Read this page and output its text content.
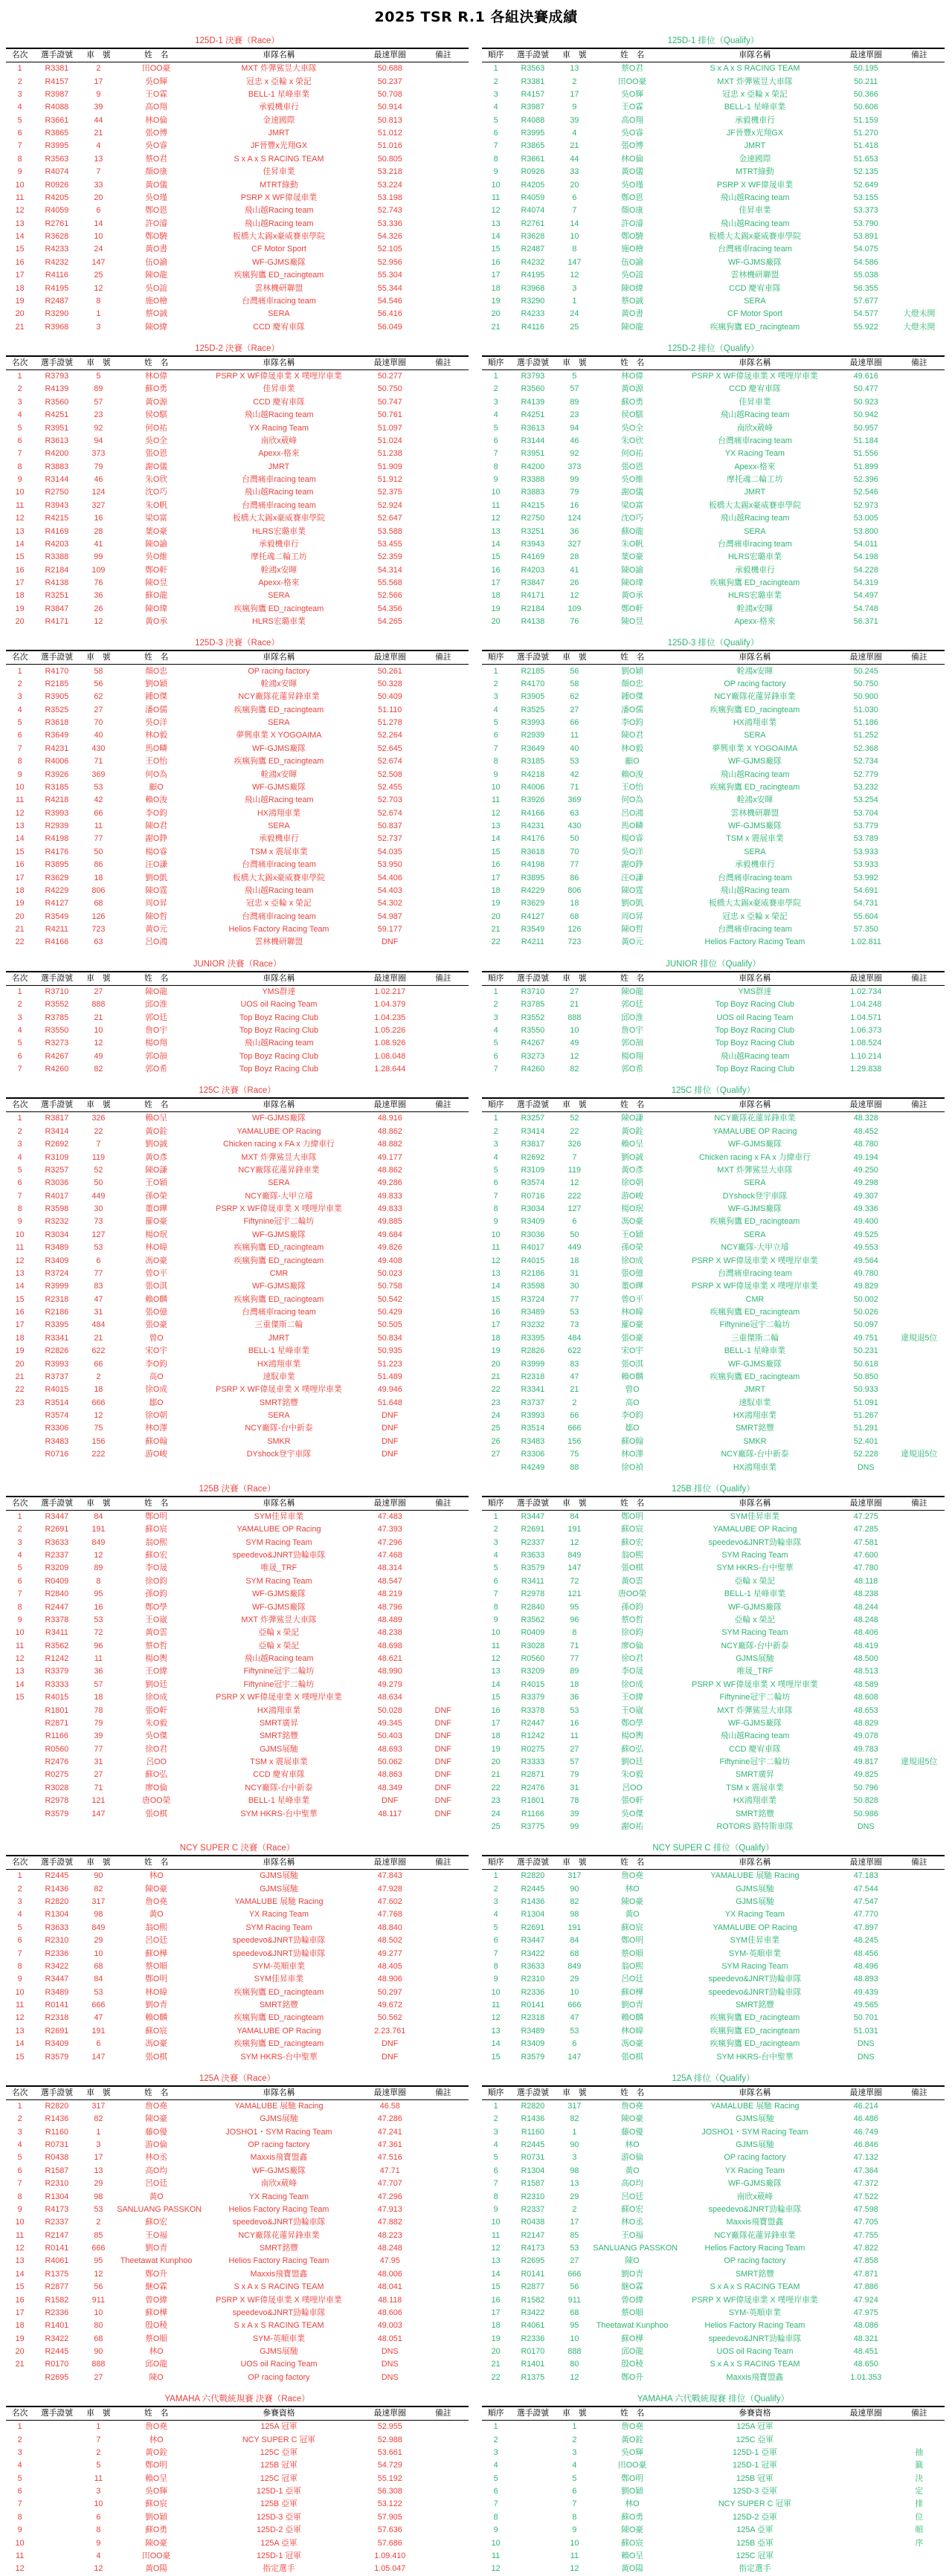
2025 TSR R.1 各組決賽成績
125D-1 決賽（Race）
名次	選手證號	車　號	姓　名	車隊名稱	最速單圈	備註
1	R3381	2	田OO豪	MXT 炸彈鯊昱大車隊	50.688	
2	R4157	17	吳O輝	冠忠 x 亞輪 x 榮記	50.237	
3	R3987	9	王O霖	BELL-1 星峰車業	50.708	
4	R4088	39	高O翔	承毅機車行	50.914	
5	R3661	44	林O倫	金速國際	50.813	
6	R3865	21	張O博	JMRT	51.012	
7	R3995	4	吳O睿	JF晉豐x光翔GX	51.016	
8	R3563	13	蔡O君	S x A x S RACING TEAM	50.805	
9	R4074	7	顏O康	佳昇車業	53.218	
10	R0926	33	黃O儀	MTRT綠動	53.224	
11	R4205	20	吳O瑾	PSRP X WF偉晟車業	53.198	
12	R4059	6	鄭O恩	飛山越Racing team	52.743	
13	R2761	14	許O濬	飛山越Racing team	53.336	
14	R3628	10	鄭O驍	板橋大太錫x豪威賽車學院	54.326	
15	R4233	24	黃O書	CF Motor Sport	52.105	
16	R4232	147	伍O諭	WF-GJMS廠隊	52.956	
17	R4116	25	陳O龍	疾瘋狗鷹 ED_racingteam	55.304	
18	R4195	12	吳O誼	雲林機研聯盟	55.344	
19	R2487	8	施O檜	台灣痛車racing team	54.546	
20	R3290	1	蔡O誠	SERA	56.416	
21	R3968	3	陳O緯	CCD 慶宥車隊	56.049	
125D-1 排位（Qualify）
順序	選手證號	車　號	姓　名	車隊名稱	最速單圈	備註
1	R3563	13	蔡O君	S x A x S RACING TEAM	50.195	
2	R3381	2	田OO豪	MXT 炸彈鯊昱大車隊	50.211	
3	R4157	17	吳O輝	冠忠 x 亞輪 x 榮記	50.366	
4	R3987	9	王O霖	BELL-1 星峰車業	50.606	
5	R4088	39	高O翔	承毅機車行	51.159	
6	R3995	4	吳O睿	JF晉豐x光翔GX	51.270	
7	R3865	21	張O博	JMRT	51.418	
8	R3661	44	林O倫	金速國際	51.653	
9	R0926	33	黃O儀	MTRT綠動	52.135	
10	R4205	20	吳O瑾	PSRP X WF偉晟車業	52.649	
11	R4059	6	鄭O恩	飛山越Racing team	53.155	
12	R4074	7	顏O康	佳昇車業	53.373	
13	R2761	14	許O濬	飛山越Racing team	53.790	
14	R3628	10	鄭O驍	板橋大太錫x豪威賽車學院	53.891	
15	R2487	8	施O檜	台灣痛車racing team	54.075	
16	R4232	147	伍O諭	WF-GJMS廠隊	54.586	
17	R4195	12	吳O誼	雲林機研聯盟	55.038	
18	R3968	3	陳O緯	CCD 慶宥車隊	56.355	
19	R3290	1	蔡O誠	SERA	57.677	
20	R4233	24	黃O書	CF Motor Sport	54.577	大燈未開
21	R4116	25	陳O龍	疾瘋狗鷹 ED_racingteam	55.922	大燈未開
125D-2 決賽（Race）
名次	選手證號	車　號	姓　名	車隊名稱	最速單圈	備註
1	R3793	5	林O偉	PSRP X WF偉晟車業 X 噗哩岸車業	50.277	
2	R4139	89	蘇O勇	佳昇車業	50.750	
3	R3560	57	黃O源	CCD 慶宥車隊	50.747	
4	R4251	23	侯O騏	飛山越Racing team	50.761	
5	R3951	92	何O祐	YX Racing Team	51.097	
6	R3613	94	吳O全	南欣x葳峰	51.024	
7	R4200	373	張O恩	Apexx-格來	51.238	
8	R3883	79	謝O儀	JMRT	51.909	
9	R3144	46	朱O欣	台灣痛車racing team	51.912	
10	R2750	124	沈O巧	飛山越Racing team	52.375	
11	R3943	327	朱O帆	台灣痛車racing team	52.924	
12	R4215	16	梁O富	板橋大太錫x豪威賽車學院	52.647	
13	R4169	28	葉O豪	HLRS宏璐車業	53.588	
14	R4203	41	陳O諭	承毅機車行	53.455	
15	R3388	99	吳O維	摩托魂二輪工坊	52.359	
16	R2184	109	鄭O軒	輇鴻x安暉	54.314	
17	R4138	76	陳O昱	Apexx-格來	55.568	
18	R3251	36	蘇O龍	SERA	52.566	
19	R3847	26	陳O瑋	疾瘋狗鷹 ED_racingteam	54.356	
20	R4171	12	黃O承	HLRS宏璐車業	54.265	
125D-2 排位（Qualify）
順序	選手證號	車　號	姓　名	車隊名稱	最速單圈	備註
1	R3793	5	林O偉	PSRP X WF偉晟車業 X 噗哩岸車業	49.616	
2	R3560	57	黃O源	CCD 慶宥車隊	50.477	
3	R4139	89	蘇O勇	佳昇車業	50.923	
4	R4251	23	侯O騏	飛山越Racing team	50.942	
5	R3613	94	吳O全	南欣x葳峰	50.957	
6	R3144	46	朱O欣	台灣痛車racing team	51.184	
7	R3951	92	何O祐	YX Racing Team	51.556	
8	R4200	373	張O恩	Apexx-格來	51.899	
9	R3388	99	吳O維	摩托魂二輪工坊	52.396	
10	R3883	79	謝O儀	JMRT	52.546	
11	R4215	16	梁O富	板橋大太錫x豪威賽車學院	52.973	
12	R2750	124	沈O巧	飛山越Racing team	53.005	
13	R3251	36	蘇O龍	SERA	53.800	
14	R3943	327	朱O帆	台灣痛車racing team	54.011	
15	R4169	28	葉O豪	HLRS宏璐車業	54.198	
16	R4203	41	陳O諭	承毅機車行	54.228	
17	R3847	26	陳O瑋	疾瘋狗鷹 ED_racingteam	54.319	
18	R4171	12	黃O承	HLRS宏璐車業	54.497	
19	R2184	109	鄭O軒	輇鴻x安暉	54.748	
20	R4138	76	陳O昱	Apexx-格來	56.371	
125D-3 決賽（Race）
名次	選手證號	車　號	姓　名	車隊名稱	最速單圈	備註
1	R4170	58	顏O忠	OP racing factory	50.261	
2	R2185	56	劉O穎	輇鴻x安暉	50.328	
3	R3905	62	鍾O傑	NCY廠隊花蓮昇鋒車業	50.409	
4	R3525	27	潘O儒	疾瘋狗鷹 ED_racingteam	51.110	
5	R3618	70	吳O洋	SERA	51.278	
6	R3649	40	林O毅	夢興車業 X YOGOAIMA	52.264	
7	R4231	430	馬O疄	WF-GJMS廠隊	52.645	
8	R4006	71	王O怡	疾瘋狗鷹 ED_racingteam	52.674	
9	R3926	369	何O為	輇鴻x安暉	52.508	
10	R3185	53	顧O	WF-GJMS廠隊	52.455	
11	R4218	42	賴O浚	飛山越Racing team	52.703	
12	R3993	66	李O鈞	HX鴻翔車業	52.674	
13	R2939	11	陳O君	SERA	50.837	
14	R4198	77	謝O錚	承毅機車行	52.737	
15	R4176	50	楊O睿	TSM x 震展車業	54.035	
16	R3895	86	汪O謙	台灣痛車racing team	53.950	
17	R3629	18	劉O凱	板橋大太錫x豪威賽車學院	54.406	
18	R4229	806	陳O霆	飛山越Racing team	54.403	
19	R4127	68	周O昇	冠忠 x 亞輪 x 榮記	54.302	
20	R3549	126	陳O哲	台灣痛車racing team	54.987	
21	R4211	723	黃O元	Helios Factory Racing Team	59.177	
22	R4166	63	呂O鴻	雲林機研聯盟	DNF	
125D-3 排位（Qualify）
順序	選手證號	車　號	姓　名	車隊名稱	最速單圈	備註
1	R2185	56	劉O穎	輇鴻x安暉	50.245	
2	R4170	58	顏O忠	OP racing factory	50.750	
3	R3905	62	鍾O傑	NCY廠隊花蓮昇鋒車業	50.900	
4	R3525	27	潘O儒	疾瘋狗鷹 ED_racingteam	51.030	
5	R3993	66	李O鈞	HX鴻翔車業	51.186	
6	R2939	11	陳O君	SERA	51.252	
7	R3649	40	林O毅	夢興車業 X YOGOAIMA	52.368	
8	R3185	53	顧O	WF-GJMS廠隊	52.734	
9	R4218	42	賴O浚	飛山越Racing team	52.779	
10	R4006	71	王O怡	疾瘋狗鷹 ED_racingteam	53.232	
11	R3926	369	何O為	輇鴻x安暉	53.254	
12	R4166	63	呂O鴻	雲林機研聯盟	53.704	
13	R4231	430	馬O疄	WF-GJMS廠隊	53.779	
14	R4176	50	楊O睿	TSM x 震展車業	53.789	
15	R3618	70	吳O洋	SERA	53.933	
16	R4198	77	謝O錚	承毅機車行	53.933	
17	R3895	86	汪O謙	台灣痛車racing team	53.992	
18	R4229	806	陳O霆	飛山越Racing team	54.691	
19	R3629	18	劉O凱	板橋大太錫x豪威賽車學院	54.731	
20	R4127	68	周O昇	冠忠 x 亞輪 x 榮記	55.604	
21	R3549	126	陳O哲	台灣痛車racing team	57.350	
22	R4211	723	黃O元	Helios Factory Racing Team	1.02.811	
JUNIOR 決賽（Race）
名次	選手證號	車　號	姓　名	車隊名稱	最速單圈	備註
1	R3710	27	陳O龍	YMS群達	1.02.217	
2	R3552	888	邱O淮	UOS oil Racing Team	1.04.379	
3	R3785	21	郭O廷	Top Boyz Racing Club	1.04.235	
4	R3550	10	詹O宇	Top Boyz Racing Club	1.05.226	
5	R3273	12	楊O翔	飛山越Racing team	1.08.926	
6	R4267	49	郭O頡	Top Boyz Racing Club	1.08.048	
7	R4260	82	郭O希	Top Boyz Racing Club	1.28.644	
JUNIOR 排位（Qualify）
順序	選手證號	車　號	姓　名	車隊名稱	最速單圈	備註
1	R3710	27	陳O龍	YMS群達	1.02.734	
2	R3785	21	郭O廷	Top Boyz Racing Club	1.04.248	
3	R3552	888	邱O淮	UOS oil Racing Team	1.04.571	
4	R3550	10	詹O宇	Top Boyz Racing Club	1.06.373	
5	R4267	49	郭O頡	Top Boyz Racing Club	1.08.524	
6	R3273	12	楊O翔	飛山越Racing team	1.10.214	
7	R4260	82	郭O希	Top Boyz Racing Club	1.29.838	
125C 決賽（Race）
名次	選手證號	車　號	姓　名	車隊名稱	最速單圈	備註
1	R3817	326	賴O呈	WF-GJMS廠隊	48.916	
2	R3414	22	黃O銓	YAMALUBE OP Racing	48.862	
3	R2692	7	劉O誠	Chicken racing x FA x 力緯車行	48.882	
4	R3109	119	黃O彥	MXT 炸彈鯊昱大車隊	49.177	
5	R3257	52	陳O謙	NCY廠隊花蓮昇鋒車業	48.862	
6	R3036	50	王O穎	SERA	49.286	
7	R4017	449	孫O榮	NCY廠隊-大甲立璿	49.833	
8	R3598	30	董O曄	PSRP X WF偉晟車業 X 噗哩岸車業	49.833	
9	R3232	73	羅O豪	Fiftynine冠宇二輪坊	49.885	
10	R3034	127	楊O珉	WF-GJMS廠隊	49.684	
11	R3489	53	林O暐	疾瘋狗鷹 ED_racingteam	49.826	
12	R3409	6	馮O豪	疾瘋狗鷹 ED_racingteam	49.408	
13	R3724	77	曾O平	CMR	50.023	
14	R3999	83	張O淇	WF-GJMS廠隊	50.758	
15	R2318	47	賴O麟	疾瘋狗鷹 ED_racingteam	50.542	
16	R2186	31	張O億	台灣痛車racing team	50.429	
17	R3395	484	張O豪	三重傑斯二輪	50.505	
18	R3341	21	曾O	JMRT	50.834	
19	R2826	622	宋O宇	BELL-1 星峰車業	50.935	
20	R3993	66	李O鈞	HX鴻翔車業	51.223	
21	R3737	2	高O	速馭車業	51.489	
22	R4015	18	徐O成	PSRP X WF偉晟車業 X 噗哩岸車業	49.946	
23	R3514	666	鄒O	SMRT銘豐	51.648	
	R3574	12	徐O朝	SERA	DNF	
	R3306	75	林O澤	NCY廠隊-台中新泰	DNF	
	R3483	156	蘇O翰	SMKR	DNF	
	R0716	222	游O峻	DYshock登宇車隊	DNF	
125C 排位（Qualify）
順序	選手證號	車　號	姓　名	車隊名稱	最速單圈	備註
1	R3257	52	陳O謙	NCY廠隊花蓮昇鋒車業	48.328	
2	R3414	22	黃O銓	YAMALUBE OP Racing	48.452	
3	R3817	326	賴O呈	WF-GJMS廠隊	48.780	
4	R2692	7	劉O誠	Chicken racing x FA x 力緯車行	49.194	
5	R3109	119	黃O彥	MXT 炸彈鯊昱大車隊	49.250	
6	R3574	12	徐O朝	SERA	49.298	
7	R0716	222	游O峻	DYshock登宇車隊	49.307	
8	R3034	127	楊O珉	WF-GJMS廠隊	49.336	
9	R3409	6	馮O豪	疾瘋狗鷹 ED_racingteam	49.400	
10	R3036	50	王O穎	SERA	49.525	
11	R4017	449	孫O榮	NCY廠隊-大甲立璿	49.553	
12	R4015	18	徐O成	PSRP X WF偉晟車業 X 噗哩岸車業	49.564	
13	R2186	31	張O億	台灣痛車racing team	49.780	
14	R3598	30	董O曄	PSRP X WF偉晟車業 X 噗哩岸車業	49.829	
15	R3724	77	曾O平	CMR	50.002	
16	R3489	53	林O暐	疾瘋狗鷹 ED_racingteam	50.026	
17	R3232	73	羅O豪	Fiftynine冠宇二輪坊	50.097	
18	R3395	484	張O豪	三重傑斯二輪	49.751	違規退5位
19	R2826	622	宋O宇	BELL-1 星峰車業	50.231	
20	R3999	83	張O淇	WF-GJMS廠隊	50.618	
21	R2318	47	賴O麟	疾瘋狗鷹 ED_racingteam	50.850	
22	R3341	21	曾O	JMRT	50.933	
23	R3737	2	高O	速馭車業	51.091	
24	R3993	66	李O鈞	HX鴻翔車業	51.267	
25	R3514	666	鄒O	SMRT銘豐	51.291	
26	R3483	156	蘇O翰	SMKR	52.401	
27	R3306	75	林O澤	NCY廠隊-台中新泰	52.228	違規退5位
	R4249	88	徐O禎	HX鴻翔車業	DNS	
125B 決賽（Race）
名次	選手證號	車　號	姓　名	車隊名稱	最速單圈	備註
1	R3447	84	鄭O明	SYM佳昇車業	47.483	
2	R2691	191	蘇O宸	YAMALUBE OP Racing	47.393	
3	R3633	849	翁O熙	SYM Racing Team	47.296	
4	R2337	12	蘇O宏	speedevo&JNRT勁輪車隊	47.468	
5	R3209	89	李O晟	唯晟_TRF	48.314	
6	R0409	8	徐O鈞	SYM Racing Team	48.547	
7	R2840	95	孫O鈞	WF-GJMS廠隊	48.219	
8	R2447	16	鄭O學	WF-GJMS廠隊	48.796	
9	R3378	53	王O崴	MXT 炸彈鯊昱大車隊	48.489	
10	R3411	72	黃O雲	亞輪 x 榮記	48.238	
11	R3562	96	蔡O哲	亞輪 x 榮記	48.698	
12	R1242	11	楊O輿	飛山越Racing team	48.621	
13	R3379	36	王O緯	Fiftynine冠宇二輪坊	48.990	
14	R3333	57	劉O廷	Fiftynine冠宇二輪坊	49.279	
15	R4015	18	徐O成	PSRP X WF偉晟車業 X 噗哩岸車業	48.634	
	R1801	78	張O軒	HX鴻翔車業	50.028	DNF
	R2871	79	朱O毅	SMRT廣昇	49.345	DNF
	R1166	39	吳O傑	SMRT銘豐	50.403	DNF
	R0560	77	徐O君	GJMS展馳	48.693	DNF
	R2476	31	呂OO	TSM x 震展車業	50.062	DNF
	R0275	27	蘇O弘	CCD 慶宥車隊	48.863	DNF
	R3028	71	廖O倫	NCY廠隊-台中新泰	48.349	DNF
	R2978	121	唐OO榮	BELL-1 星峰車業	DNF	DNF
	R3579	147	張O棋	SYM HKRS-台中聖華	48.117	DNF
125B 排位（Qualify）
順序	選手證號	車　號	姓　名	車隊名稱	最速單圈	備註
1	R3447	84	鄭O明	SYM佳昇車業	47.275	
2	R2691	191	蘇O宸	YAMALUBE OP Racing	47.285	
3	R2337	12	蘇O宏	speedevo&JNRT勁輪車隊	47.581	
4	R3633	849	翁O熙	SYM Racing Team	47.600	
5	R3579	147	張O棋	SYM HKRS-台中聖華	47.780	
6	R3411	72	黃O雲	亞輪 x 榮記	48.118	
7	R2978	121	唐OO榮	BELL-1 星峰車業	48.238	
8	R2840	95	孫O鈞	WF-GJMS廠隊	48.244	
9	R3562	96	蔡O哲	亞輪 x 榮記	48.248	
10	R0409	8	徐O鈞	SYM Racing Team	48.406	
11	R3028	71	廖O倫	NCY廠隊-台中新泰	48.419	
12	R0560	77	徐O君	GJMS展馳	48.500	
13	R3209	89	李O晟	唯晟_TRF	48.513	
14	R4015	18	徐O成	PSRP X WF偉晟車業 X 噗哩岸車業	48.589	
15	R3379	36	王O緯	Fiftynine冠宇二輪坊	48.608	
16	R3378	53	王O崴	MXT 炸彈鯊昱大車隊	48.653	
17	R2447	16	鄭O學	WF-GJMS廠隊	48.829	
18	R1242	11	楊O輿	飛山越Racing team	49.078	
19	R0275	27	蘇O弘	CCD 慶宥車隊	49.783	
20	R3333	57	劉O廷	Fiftynine冠宇二輪坊	49.817	違規退5位
21	R2871	79	朱O毅	SMRT廣昇	49.825	
22	R2476	31	呂OO	TSM x 震展車業	50.796	
23	R1801	78	張O軒	HX鴻翔車業	50.828	
24	R1166	39	吳O傑	SMRT銘豐	50.986	
25	R3775	99	謝O祐	ROTORS 路特斯車隊	DNS	
NCY SUPER C 決賽（Race）
名次	選手證號	車　號	姓　名	車隊名稱	最速單圈	備註
1	R2445	90	林O	GJMS展馳	47.843	
2	R1436	82	陳O豪	GJMS展馳	47.928	
3	R2820	317	詹O堯	YAMALUBE 展馳 Racing	47.602	
4	R1304	98	黃O	YX Racing Team	47.768	
5	R3633	849	翁O熙	SYM Racing Team	48.840	
6	R2310	29	呂O廷	speedevo&JNRT勁輪車隊	48.502	
7	R2336	10	蘇O樺	speedevo&JNRT勁輪車隊	49.277	
8	R3422	68	蔡O順	SYM-英順車業	48.405	
9	R3447	84	鄭O明	SYM佳昇車業	48.906	
10	R3489	53	林O暐	疾瘋狗鷹 ED_racingteam	50.297	
11	R0141	666	劉O青	SMRT銘豐	49.672	
12	R2318	47	賴O麟	疾瘋狗鷹 ED_racingteam	50.562	
13	R2691	191	蘇O宸	YAMALUBE OP Racing	2.23.761	
14	R3409	6	馮O豪	疾瘋狗鷹 ED_racingteam	DNF	
15	R3579	147	張O棋	SYM HKRS-台中聖華	DNF	
NCY SUPER C 排位（Qualify）
順序	選手證號	車　號	姓　名	車隊名稱	最速單圈	備註
1	R2820	317	詹O堯	YAMALUBE 展馳 Racing	47.183	
2	R2445	90	林O	GJMS展馳	47.544	
3	R1436	82	陳O豪	GJMS展馳	47.547	
4	R1304	98	黃O	YX Racing Team	47.770	
5	R2691	191	蘇O宸	YAMALUBE OP Racing	47.897	
6	R3447	84	鄭O明	SYM佳昇車業	48.245	
7	R3422	68	蔡O順	SYM-英順車業	48.456	
8	R3633	849	翁O熙	SYM Racing Team	48.496	
9	R2310	29	呂O廷	speedevo&JNRT勁輪車隊	48.893	
10	R2336	10	蘇O樺	speedevo&JNRT勁輪車隊	49.439	
11	R0141	666	劉O青	SMRT銘豐	49.565	
12	R2318	47	賴O麟	疾瘋狗鷹 ED_racingteam	50.701	
13	R3489	53	林O暐	疾瘋狗鷹 ED_racingteam	51.031	
14	R3409	6	馮O豪	疾瘋狗鷹 ED_racingteam	DNS	
15	R3579	147	張O棋	SYM HKRS-台中聖華	DNS	
125A 決賽（Race）
名次	選手證號	車　號	姓　名	車隊名稱	最速單圈	備註
1	R2820	317	詹O堯	YAMALUBE 展馳 Racing	46.58	
2	R1436	82	陳O豪	GJMS展馳	47.286	
3	R1160	1	藤O優	JOSHO1・SYM Racing Team	47.241	
4	R0731	3	游O倫	OP racing factory	47.361	
5	R0438	17	林O丞	Maxxis飛寶盟鑫	47.516	
6	R1587	13	高O均	WF-GJMS廠隊	47.71	
7	R2310	29	呂O廷	南欣x葳峰	47.707	
8	R1304	98	黃O	YX Racing Team	47.296	
9	R4173	53	SANLUANG PASSKON	Helios Factory Racing Team	47.913	
10	R2337	2	蘇O宏	speedevo&JNRT勁輪車隊	47.882	
11	R2147	85	王O福	NCY廠隊花蓮昇鋒車業	48.223	
12	R0141	666	劉O青	SMRT銘豐	48.248	
13	R4061	95	Theetawat Kunphoo	Helios Factory Racing Team	47.95	
14	R1375	12	鄭O升	Maxxis飛寶盟鑫	48.006	
15	R2877	56	継O霖	S x A x S RACING TEAM	48.041	
16	R1582	911	曾O緯	PSRP X WF偉晟車業 X 噗哩岸車業	48.118	
17	R2336	10	蘇O樺	speedevo&JNRT勁輪車隊	48.606	
18	R1401	80	殷O稜	S x A x S RACING TEAM	49.003	
19	R3422	68	蔡O順	SYM-英順車業	48.051	
20	R2445	90	林O	GJMS展馳	DNS	
21	R0170	888	邱O龍	UOS oil Racing Team	DNS	
	R2695	27	陳O	OP racing factory	DNS	
125A 排位（Qualify）
順序	選手證號	車　號	姓　名	車隊名稱	最速單圈	備註
1	R2820	317	詹O堯	YAMALUBE 展馳 Racing	46.214	
2	R1436	82	陳O豪	GJMS展馳	46.486	
3	R1160	1	藤O優	JOSHO1・SYM Racing Team	46.749	
4	R2445	90	林O	GJMS展馳	46.846	
5	R0731	3	游O倫	OP racing factory	47.132	
6	R1304	98	黃O	YX Racing Team	47.364	
7	R1587	13	高O均	WF-GJMS廠隊	47.372	
8	R2310	29	呂O廷	南欣x葳峰	47.522	
9	R2337	2	蘇O宏	speedevo&JNRT勁輪車隊	47.598	
10	R0438	17	林O丞	Maxxis飛寶盟鑫	47.705	
11	R2147	85	王O福	NCY廠隊花蓮昇鋒車業	47.755	
12	R4173	53	SANLUANG PASSKON	Helios Factory Racing Team	47.822	
13	R2695	27	陳O	OP racing factory	47.858	
14	R0141	666	劉O青	SMRT銘豐	47.871	
15	R2877	56	継O霖	S x A x S RACING TEAM	47.886	
16	R1582	911	曾O緯	PSRP X WF偉晟車業 X 噗哩岸車業	47.924	
17	R3422	68	蔡O順	SYM-英順車業	47.975	
18	R4061	95	Theetawat Kunphoo	Helios Factory Racing Team	48.086	
19	R2336	10	蘇O樺	speedevo&JNRT勁輪車隊	48.321	
20	R0170	888	邱O龍	UOS oil Racing Team	48.451	
21	R1401	80	殷O稜	S x A x S RACING TEAM	48.650	
22	R1375	12	鄭O升	Maxxis飛寶盟鑫	1.01.353	
YAMAHA 六代戰統規賽 決賽（Race）
名次	選手證號	車　號	姓　名	參賽資格	最速單圈	備註
1		1	詹O堯	125A 冠軍	52.955	
2		7	林O	NCY SUPER C 冠軍	52.988	
3		2	黃O銓	125C 亞軍	53.661	
4		5	鄭O明	125B 冠軍	54.729	
5		11	賴O呈	125C 冠軍	55.192	
6		3	吳O輝	125D-1 亞軍	56.308	
7		10	蘇O宸	125B 亞軍	53.122	
8		6	劉O穎	125D-3 亞軍	57.905	
9		8	蘇O勇	125D-2 亞軍	57.636	
10		9	陳O豪	125A 亞軍	57.686	
11		4	田OO豪	125D-1 冠軍	1.09.410	
12		12	黃O陽	指定選手	1.05.047	
YAMAHA 六代戰統規賽 排位（Qualify）
順序	選手證號	車　號	姓　名	參賽資格	最速單圈	備註
1		1	詹O堯	125A 冠軍		
2		2	黃O銓	125C 亞軍		
3		3	吳O輝	125D-1 亞軍		抽
4		4	田OO豪	125D-1 冠軍		籤
5		5	鄭O明	125B 冠軍		決
6		6	劉O穎	125D-3 亞軍		定
7		7	林O	NCY SUPER C 冠軍		排
8		8	蘇O勇	125D-2 亞軍		位
9		9	陳O豪	125A 亞軍		順
10		10	蘇O宸	125B 亞軍		序
11		11	賴O呈	125C 冠軍		
12		12	黃O陽	指定選手		
